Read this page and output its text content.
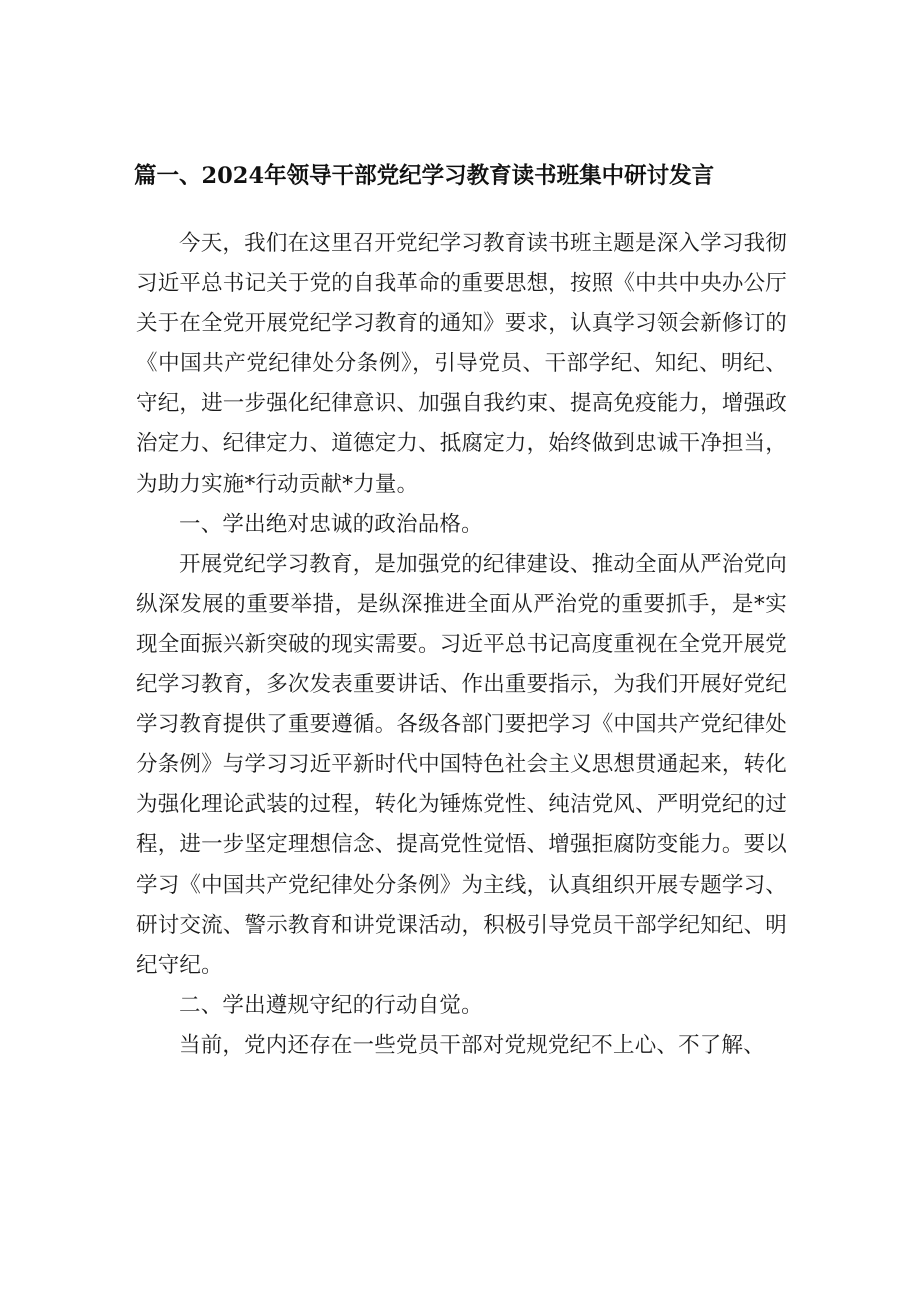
篇一、2024年领导干部党纪学习教育读书班集中研讨发言

今天，我们在这里召开党纪学习教育读书班主题是深入学习我彻习近平总书记关于党的自我革命的重要思想，按照《中共中央办公厅关于在全党开展党纪学习教育的通知》要求，认真学习领会新修订的《中国共产党纪律处分条例》，引导党员、干部学纪、知纪、明纪、守纪，进一步强化纪律意识、加强自我约束、提高免疫能力，增强政治定力、纪律定力、道德定力、抵腐定力，始终做到忠诚干净担当，为助力实施*行动贡献*力量。

一、学出绝对忠诚的政治品格。

开展党纪学习教育，是加强党的纪律建设、推动全面从严治党向纵深发展的重要举措，是纵深推进全面从严治党的重要抓手，是*实现全面振兴新突破的现实需要。习近平总书记高度重视在全党开展党纪学习教育，多次发表重要讲话、作出重要指示，为我们开展好党纪学习教育提供了重要遵循。各级各部门要把学习《中国共产党纪律处分条例》与学习习近平新时代中国特色社会主义思想贯通起来，转化为强化理论武装的过程，转化为锤炼党性、纯洁党风、严明党纪的过程，进一步坚定理想信念、提高党性觉悟、增强拒腐防变能力。要以学习《中国共产党纪律处分条例》为主线，认真组织开展专题学习、研讨交流、警示教育和讲党课活动，积极引导党员干部学纪知纪、明纪守纪。

二、学出遵规守纪的行动自觉。

当前，党内还存在一些党员干部对党规党纪不上心、不了解、
